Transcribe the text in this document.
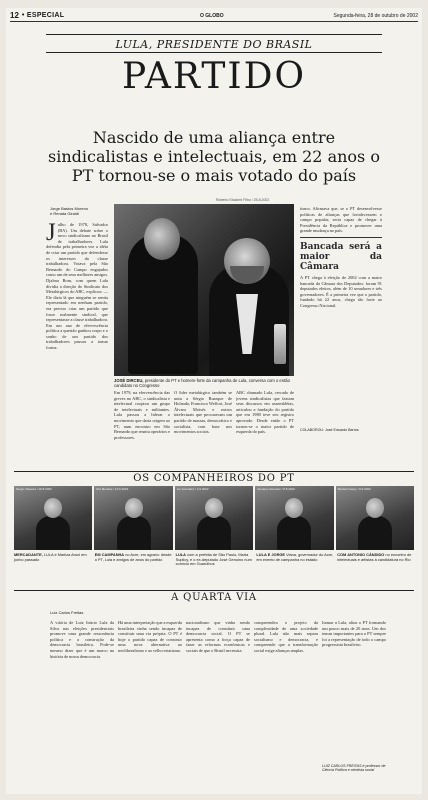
12 • ESPECIAL	O GLOBO	Segunda-feira, 28 de outubro de 2002
LULA, PRESIDENTE DO BRASIL
PARTIDO
Nascido de uma aliança entre sindicalistas e intelectuais, em 22 anos o PT tornou-se o mais votado do país
Jorge Bastos Moreno
e Renata Giraldi
Julho de 1978, Salvador (BA). Um debate sobre o novo sindicalismo no Brasil de trabalhadores. Lula defendia pela primeira vez a idéia de criar um partido que defendesse os interesses da classe trabalhadora. Votava pela São Bernardo do Campo engajados como um de seus melhores amigos. Djalma Bom, com quem Lula dividia a direção do Sindicato dos Metalúrgicos do ABC, explicou: — Ele dizia lá que ninguém se sentia representado em nenhum partido, era preciso criar um partido que fosse realmente sindical, que representasse a classe trabalhadora. Em um ano de efervescência política a questão ganhou corpo e o sonho de um partido dos trabalhadores passou a tomar forma.
Roberto Stuckert Filho / 25.8.2002
JOSÉ DIRCEU, presidente do PT e homem-forte da campanha de Lula, conversa com o então candidato no Congresso
Em 1979, na efervescência das greves no ABC, o sindicalista e intelectual cooptou um grupo de intelectuais e militantes. Lula passou a liderar o movimento que daria origem ao PT, num encontro em São Bernardo que reuniu operários e professores.
O lider metalúrgico também se uniu a Sérgio Buarque de Holanda, Francisco Weffort, José Álvaro Moisés e outros intelectuais que procuravam um partido de massas, democrático e socialista, com base nos movimentos sociais.
ABC chamado Lula, cercado de jovens sindicalistas que faziam seus discursos em assembléias, articulou a fundação do partido que em 1980 teve seu registro aprovado. Desde então o PT tornou-se o maior partido de esquerda do país.
tismo. Afirmava que, se o PT desenvolvesse políticas de alianças que fortalecessem o campo popular, seria capaz de chegar à Presidência da República e promover uma grande mudança no país.
Bancada será a maior da Câmara
A PT chega à eleição de 2002 com a maior bancada da Câmara dos Deputados: foram 91 deputados eleitos, além de 10 senadores e três governadores. É a primeira vez que o partido, fundado há 22 anos, chega tão forte ao Congresso Nacional.
COLABOROU: José Eduardo Barros
OS COMPANHEIROS DO PT
Sergio Tavares / 16.8.2002	Rui Mendes / 10.6.2002	Ivo Gonzalez / 2.9.2002	Gustavo Azevedo / 8.8.2002	Marisol Casey / 9.9.2002
MERCADANTE, LULA e Marilza Aruni em junho passado
EM CAMPANHA no Acre, em agosto: desde o PT, Lula e amigos de anos do partido
LULA com a prefeita de São Paulo, Marta Suplicy, e o ex-deputado José Genoino num comício em Guarulhos
LULA E JORGE Viana, governador do Acre, em evento de campanha no estado
COM ANTONIO CÂNDIDO no encontro de intelectuais e artistas à candidatura no Rio
A QUARTA VIA
Luiz Carlos Freitas
A vitória de Luiz Inácio Lula da Silva nas eleições presidenciais promove uma grande ressonância política e a construção da democracia brasileira. Pode-se mesmo dizer que é um marco na história de nossa democracia.
Há uma interpretação que a esquerda brasileira vinha sendo incapaz de constituir uma via própria. O PT é hoje o partido capaz de construir uma nova alternativa ao neoliberalismo e ao velho estatismo.
nacionalismo que vinha sendo incapaz de constituir uma democracia social. O PT se apresenta como a força capaz de fazer as reformas econômicas e sociais de que o Brasil necessita.
compreendeu o projeto da complexidade de uma sociedade plural. Lula não mais separa socialismo e democracia, e compreende que a transformação social exige alianças amplas.
Itamar a Lula, aliou o PT formando um pouco mais de 20 anos. Um dos temas importantes para o PT sempre foi a representação de todo o campo progressista brasileiro.
LUIZ CARLOS FREITAS é professor de Ciência Política e cientista social
